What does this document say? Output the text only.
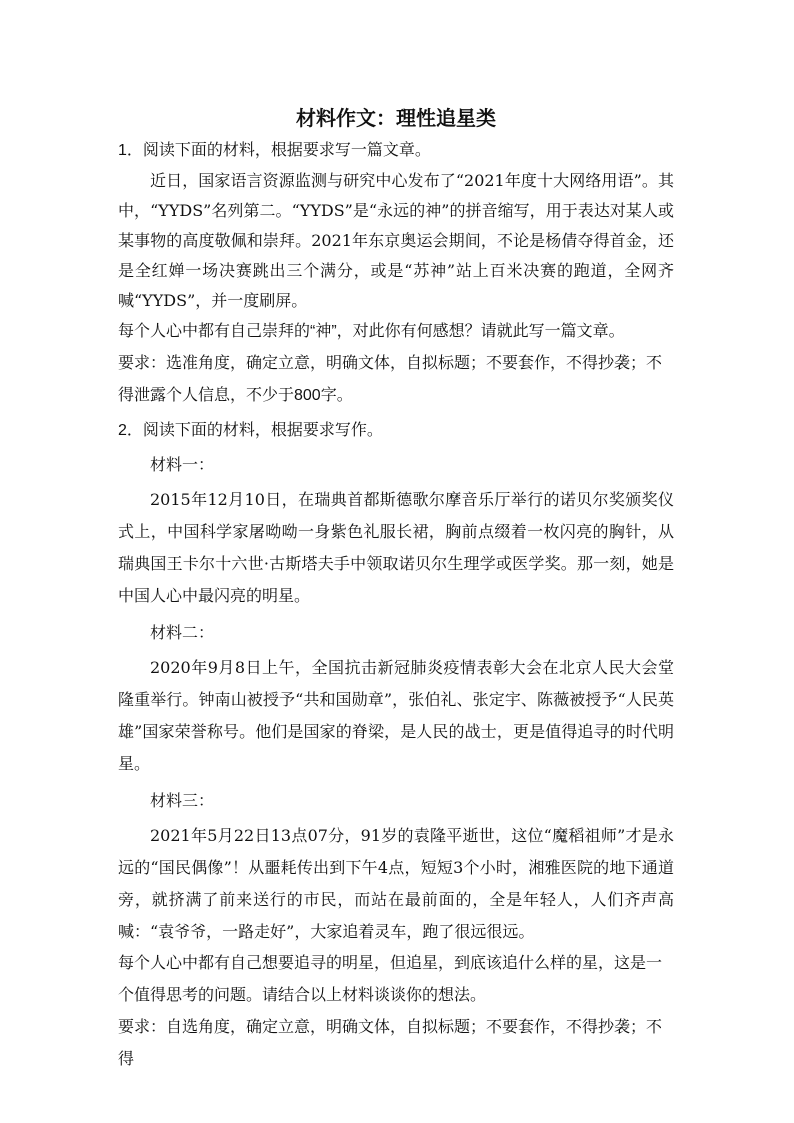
材料作文：理性追星类

1．阅读下面的材料，根据要求写一篇文章。

近日，国家语言资源监测与研究中心发布了“2021年度十大网络用语”。其中，“YYDS”名列第二。“YYDS”是“永远的神”的拼音缩写，用于表达对某人或某事物的高度敬佩和崇拜。2021年东京奥运会期间，不论是杨倩夺得首金，还是全红婵一场决赛跳出三个满分，或是“苏神”站上百米决赛的跑道，全网齐喊“YYDS”，并一度刷屏。

每个人心中都有自己崇拜的“神”，对此你有何感想？请就此写一篇文章。

要求：选准角度，确定立意，明确文体，自拟标题；不要套作，不得抄袭；不得泄露个人信息，不少于800字。

2．阅读下面的材料，根据要求写作。

材料一：

2015年12月10日，在瑞典首都斯德歌尔摩音乐厅举行的诺贝尔奖颁奖仪式上，中国科学家屠呦呦一身紫色礼服长裙，胸前点缀着一枚闪亮的胸针，从瑞典国王卡尔十六世·古斯塔夫手中领取诺贝尔生理学或医学奖。那一刻，她是中国人心中最闪亮的明星。

材料二：

2020年9月8日上午，全国抗击新冠肺炎疫情表彰大会在北京人民大会堂隆重举行。钟南山被授予“共和国勋章”，张伯礼、张定宇、陈薇被授予“人民英雄”国家荣誉称号。他们是国家的脊梁，是人民的战士，更是值得追寻的时代明星。

材料三：

2021年5月22日13点07分，91岁的袁隆平逝世，这位“魔稻祖师”才是永远的“国民偶像”！从噩耗传出到下午4点，短短3个小时，湘雅医院的地下通道旁，就挤满了前来送行的市民，而站在最前面的，全是年轻人，人们齐声高喊：“袁爷爷，一路走好”，大家追着灵车，跑了很远很远。

每个人心中都有自己想要追寻的明星，但追星，到底该追什么样的星，这是一个值得思考的问题。请结合以上材料谈谈你的想法。

要求：自选角度，确定立意，明确文体，自拟标题；不要套作，不得抄袭；不得
